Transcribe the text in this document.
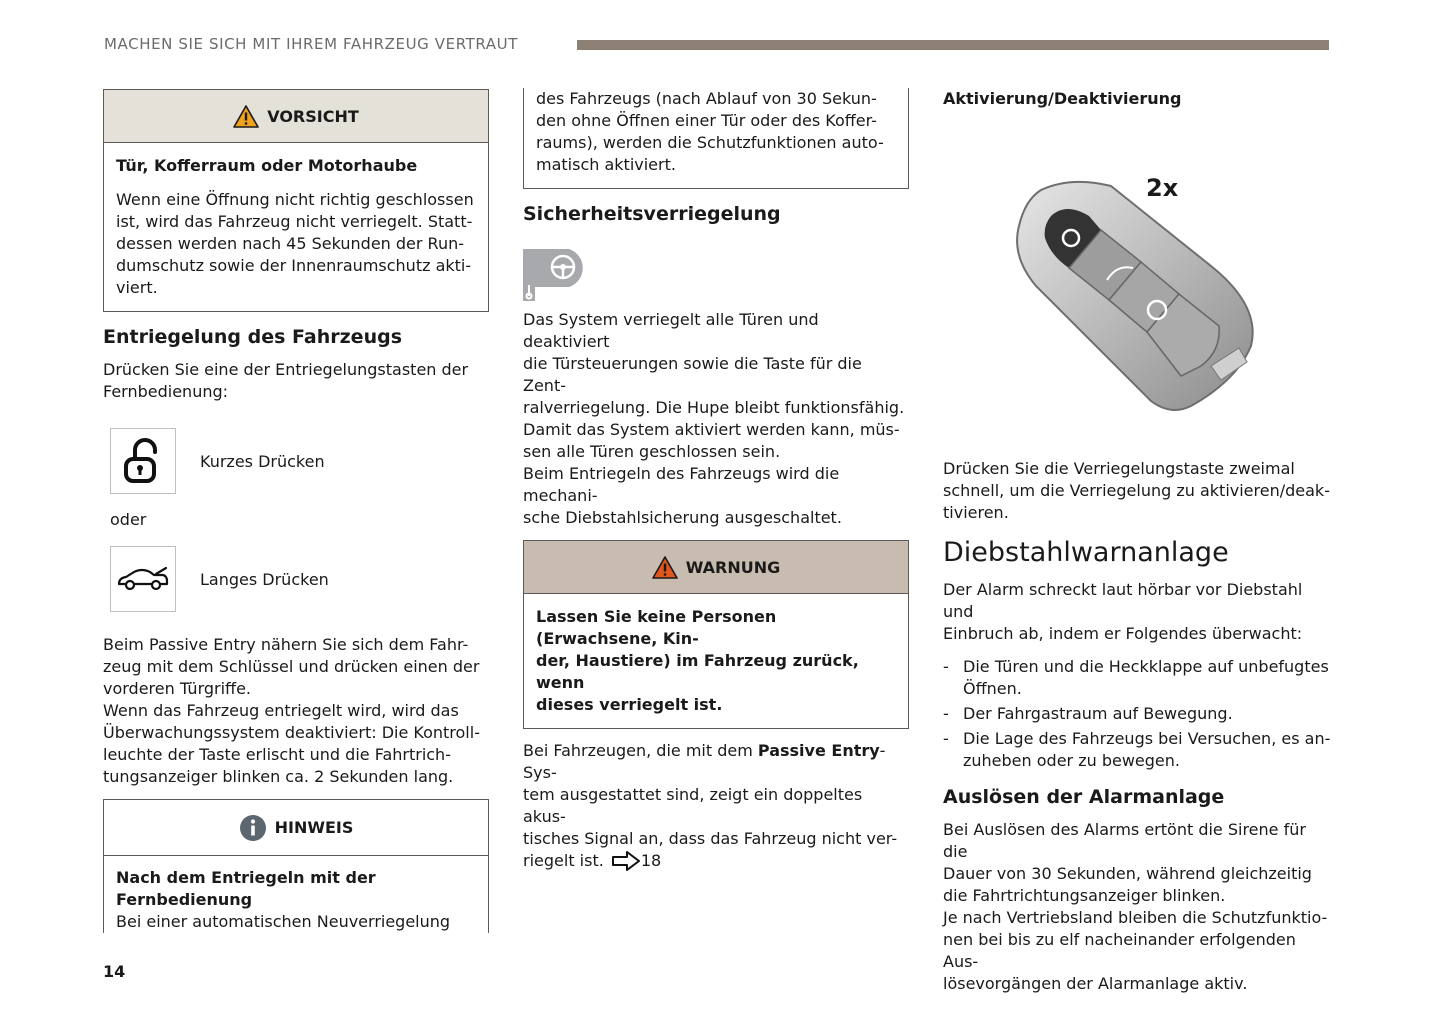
MACHEN SIE SICH MIT IHREM FAHRZEUG VERTRAUT
VORSICHT

Tür, Kofferraum oder Motorhaube

Wenn eine Öffnung nicht richtig geschlossen

ist, wird das Fahrzeug nicht verriegelt. Statt-

dessen werden nach 45 Sekunden der Run-

dumschutz sowie der Innenraumschutz akti-

viert.

Entriegelung des Fahrzeugs

Drücken Sie eine der Entriegelungstasten der

Fernbedienung:

Kurzes Drücken

oder

Langes Drücken

Beim Passive Entry nähern Sie sich dem Fahr-

zeug mit dem Schlüssel und drücken einen der

vorderen Türgriffe.

Wenn das Fahrzeug entriegelt wird, wird das

Überwachungssystem deaktiviert: Die Kontroll-

leuchte der Taste erlischt und die Fahrtrich-

tungsanzeiger blinken ca. 2 Sekunden lang.

HINWEIS

Nach dem Entriegeln mit der Fernbedienung

Bei einer automatischen Neuverriegelung

des Fahrzeugs (nach Ablauf von 30 Sekun-

den ohne Öffnen einer Tür oder des Koffer-

raums), werden die Schutzfunktionen auto-

matisch aktiviert.

Sicherheitsverriegelung

Das System verriegelt alle Türen und deaktiviert

die Türsteuerungen sowie die Taste für die Zent-

ralverriegelung. Die Hupe bleibt funktionsfähig.

Damit das System aktiviert werden kann, müs-

sen alle Türen geschlossen sein.

Beim Entriegeln des Fahrzeugs wird die mechani-

sche Diebstahlsicherung ausgeschaltet.

WARNUNG

Lassen Sie keine Personen (Erwachsene, Kin-

der, Haustiere) im Fahrzeug zurück, wenn

dieses verriegelt ist.

Bei Fahrzeugen, die mit dem Passive Entry-Sys-

tem ausgestattet sind, zeigt ein doppeltes akus-

tisches Signal an, dass das Fahrzeug nicht ver-

riegelt ist. 18

Aktivierung/Deaktivierung

2x

Drücken Sie die Verriegelungstaste zweimal

schnell, um die Verriegelung zu aktivieren/deak-

tivieren.

Diebstahlwarnanlage

Der Alarm schreckt laut hörbar vor Diebstahl und

Einbruch ab, indem er Folgendes überwacht:

- Die Türen und die Heckklappe auf unbefugtes

Öffnen.

- Der Fahrgastraum auf Bewegung.

- Die Lage des Fahrzeugs bei Versuchen, es an-

zuheben oder zu bewegen.

Auslösen der Alarmanlage

Bei Auslösen des Alarms ertönt die Sirene für die

Dauer von 30 Sekunden, während gleichzeitig

die Fahrtrichtungsanzeiger blinken.

Je nach Vertriebsland bleiben die Schutzfunktio-

nen bei bis zu elf nacheinander erfolgenden Aus-

lösevorgängen der Alarmanlage aktiv.

14
